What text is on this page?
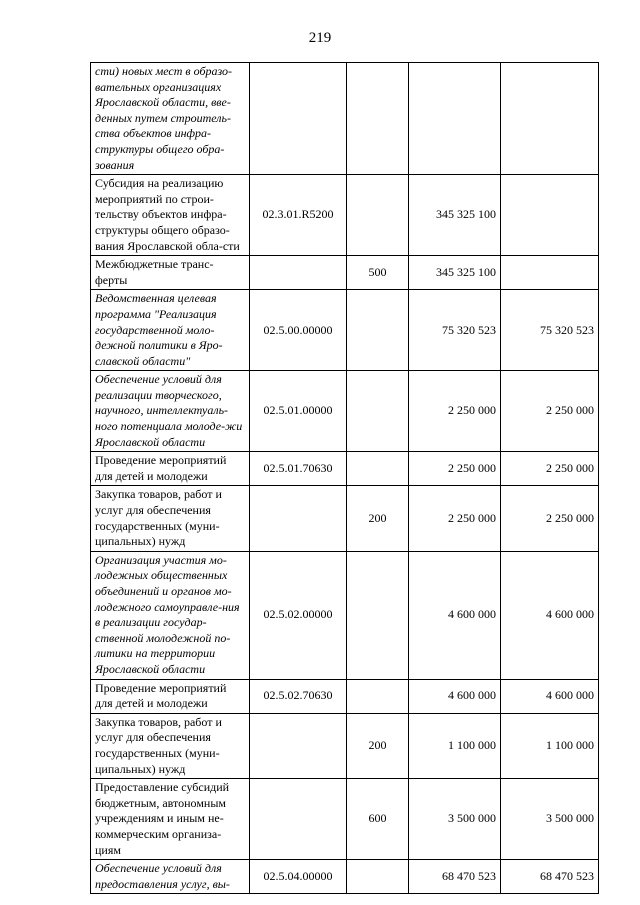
219
сти) новых мест в образо-вательных организациях Ярославской области, вве-денных путем строитель-ства объектов инфра-структуры общего обра-зования				
Субсидия на реализацию мероприятий по строи-тельству объектов инфра-структуры общего образо-вания Ярославской обла-сти	02.3.01.R5200		345 325 100	
Межбюджетные транс-ферты		500	345 325 100	
Ведомственная целевая программа "Реализация государственной моло-дежной политики в Яро-славской области"	02.5.00.00000		75 320 523	75 320 523
Обеспечение условий для реализации творческого, научного, интеллектуаль-ного потенциала молоде-жи Ярославской области	02.5.01.00000		2 250 000	2 250 000
Проведение мероприятий для детей и молодежи	02.5.01.70630		2 250 000	2 250 000
Закупка товаров, работ и услуг для обеспечения государственных (муни-ципальных) нужд		200	2 250 000	2 250 000
Организация участия мо-лодежных общественных объединений и органов мо-лодежного самоуправле-ния в реализации государ-ственной молодежной по-литики на территории Ярославской области	02.5.02.00000		4 600 000	4 600 000
Проведение мероприятий для детей и молодежи	02.5.02.70630		4 600 000	4 600 000
Закупка товаров, работ и услуг для обеспечения государственных (муни-ципальных) нужд		200	1 100 000	1 100 000
Предоставление субсидий бюджетным, автономным учреждениям и иным не-коммерческим организа-циям		600	3 500 000	3 500 000
Обеспечение условий для предоставления услуг, вы-	02.5.04.00000		68 470 523	68 470 523
